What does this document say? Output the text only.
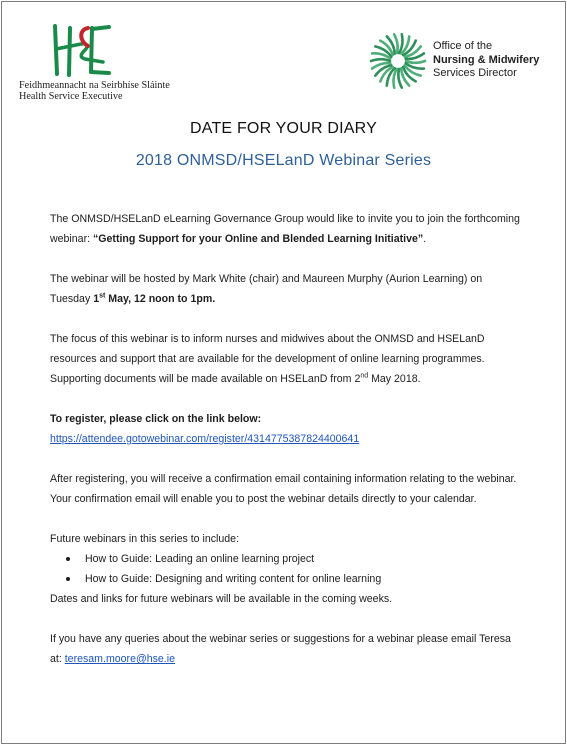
Feidhmeannacht na Seirbhíse Sláinte
Health Service Executive
Office of the
Nursing & Midwifery
Services Director
DATE FOR YOUR DIARY
2018 ONMSD/HSELanD Webinar Series

The ONMSD/HSELanD eLearning Governance Group would like to invite you to join the forthcoming webinar: “Getting Support for your Online and Blended Learning Initiative”.

The webinar will be hosted by Mark White (chair) and Maureen Murphy (Aurion Learning) on Tuesday 1st May, 12 noon to 1pm.

The focus of this webinar is to inform nurses and midwives about the ONMSD and HSELanD resources and support that are available for the development of online learning programmes. Supporting documents will be made available on HSELanD from 2nd May 2018.

To register, please click on the link below:

https://attendee.gotowebinar.com/register/4314775387824400641

After registering, you will receive a confirmation email containing information relating to the webinar. Your confirmation email will enable you to post the webinar details directly to your calendar.

Future webinars in this series to include:

How to Guide: Leading an online learning project
How to Guide: Designing and writing content for online learning

Dates and links for future webinars will be available in the coming weeks.

If you have any queries about the webinar series or suggestions for a webinar please email Teresa at: teresam.moore@hse.ie
